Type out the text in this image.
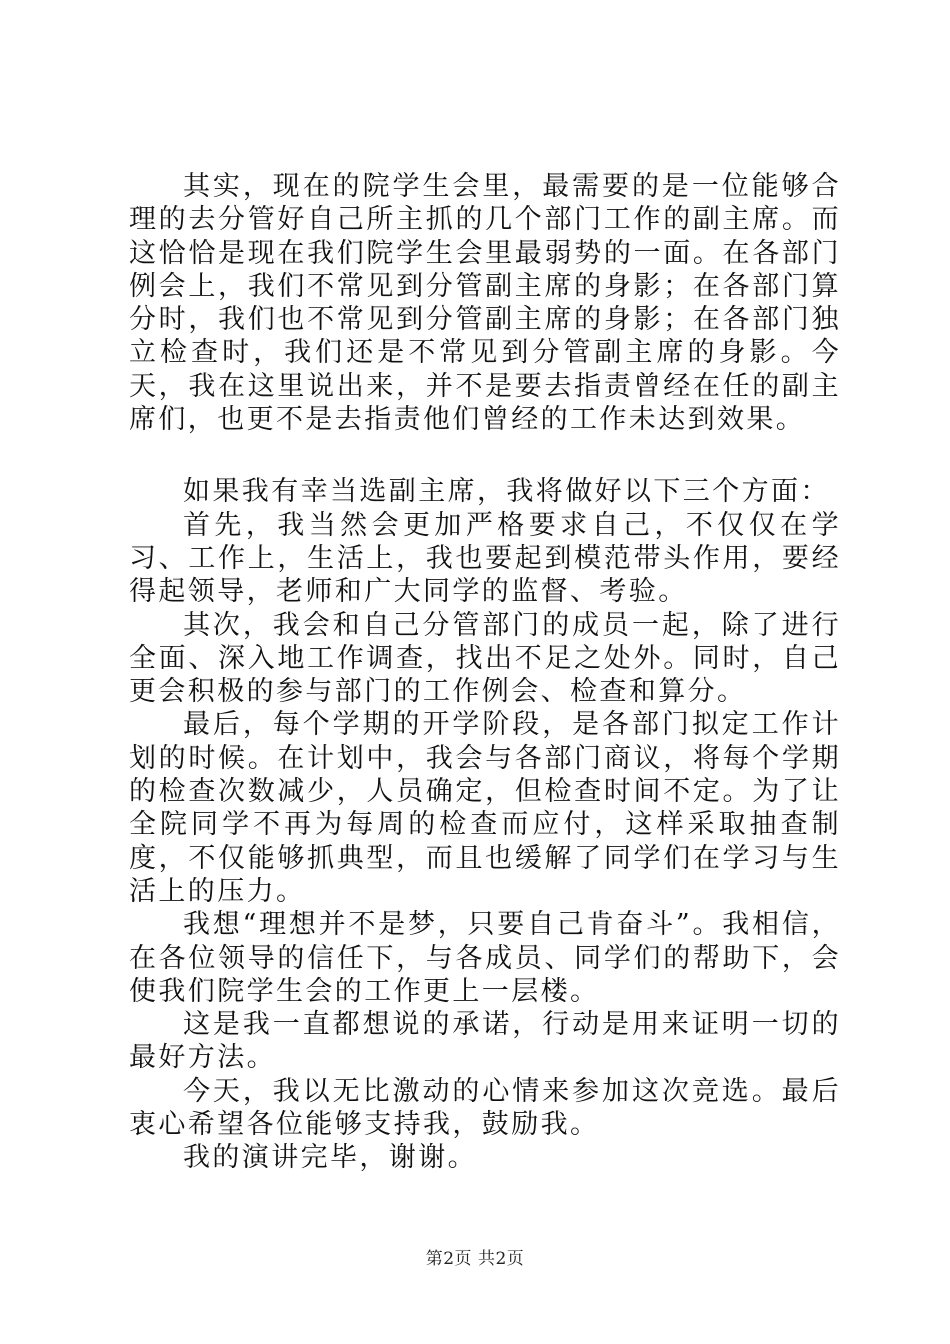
其实，现在的院学生会里，最需要的是一位能够合理的去分管好自己所主抓的几个部门工作的副主席。而这恰恰是现在我们院学生会里最弱势的一面。在各部门例会上，我们不常见到分管副主席的身影；在各部门算分时，我们也不常见到分管副主席的身影；在各部门独立检查时，我们还是不常见到分管副主席的身影。今天，我在这里说出来，并不是要去指责曾经在任的副主席们，也更不是去指责他们曾经的工作未达到效果。

如果我有幸当选副主席，我将做好以下三个方面：

首先，我当然会更加严格要求自己，不仅仅在学习、工作上，生活上，我也要起到模范带头作用，要经得起领导，老师和广大同学的监督、考验。

其次，我会和自己分管部门的成员一起，除了进行全面、深入地工作调查，找出不足之处外。同时，自己更会积极的参与部门的工作例会、检查和算分。

最后，每个学期的开学阶段，是各部门拟定工作计划的时候。在计划中，我会与各部门商议，将每个学期的检查次数减少，人员确定，但检查时间不定。为了让全院同学不再为每周的检查而应付，这样采取抽查制度，不仅能够抓典型，而且也缓解了同学们在学习与生活上的压力。

我想“理想并不是梦，只要自己肯奋斗”。我相信，在各位领导的信任下，与各成员、同学们的帮助下，会使我们院学生会的工作更上一层楼。

这是我一直都想说的承诺，行动是用来证明一切的最好方法。

今天，我以无比激动的心情来参加这次竞选。最后衷心希望各位能够支持我，鼓励我。

我的演讲完毕，谢谢。

第2页 共2页
